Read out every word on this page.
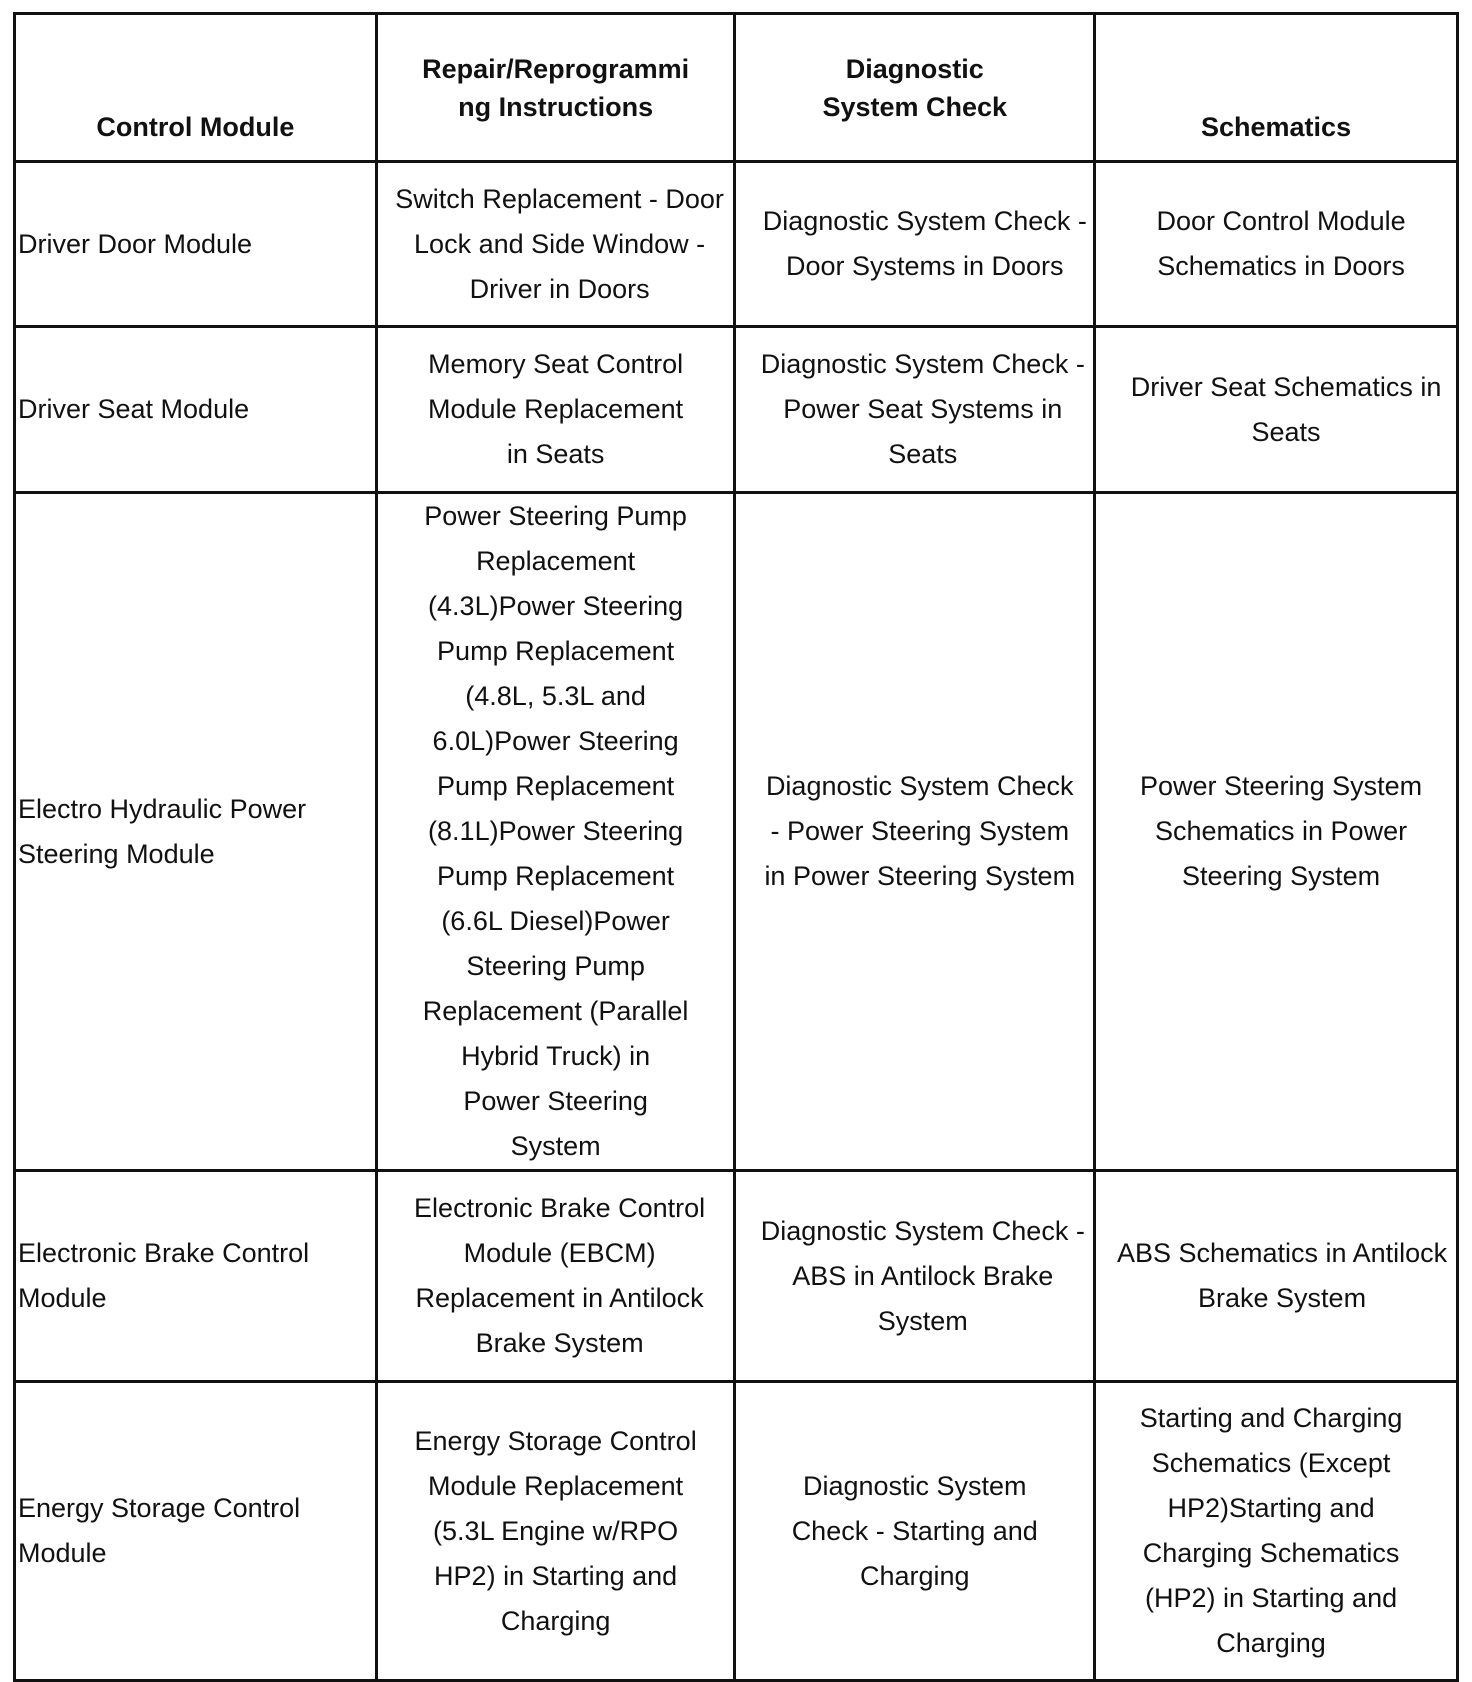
Control Module	Repair/Reprogramming Instructions	Diagnostic System Check	Schematics

Driver Door Module	Switch Replacement - Door Lock and Side Window - Driver in Doors	Diagnostic System Check - Door Systems in Doors	Door Control Module Schematics in Doors

Driver Seat Module	Memory Seat Control Module Replacement in Seats	Diagnostic System Check - Power Seat Systems in Seats	Driver Seat Schematics in Seats

Electro Hydraulic Power Steering Module	Power Steering Pump Replacement (4.3L)Power Steering Pump Replacement (4.8L, 5.3L and 6.0L)Power Steering Pump Replacement (8.1L)Power Steering Pump Replacement (6.6L Diesel)Power Steering Pump Replacement (Parallel Hybrid Truck) in Power Steering System	Diagnostic System Check - Power Steering System in Power Steering System	Power Steering System Schematics in Power Steering System

Electronic Brake Control Module	Electronic Brake Control Module (EBCM) Replacement in Antilock Brake System	Diagnostic System Check - ABS in Antilock Brake System	ABS Schematics in Antilock Brake System

Energy Storage Control Module	Energy Storage Control Module Replacement (5.3L Engine w/RPO HP2) in Starting and Charging	Diagnostic System Check - Starting and Charging	Starting and Charging Schematics (Except HP2)Starting and Charging Schematics (HP2) in Starting and Charging
